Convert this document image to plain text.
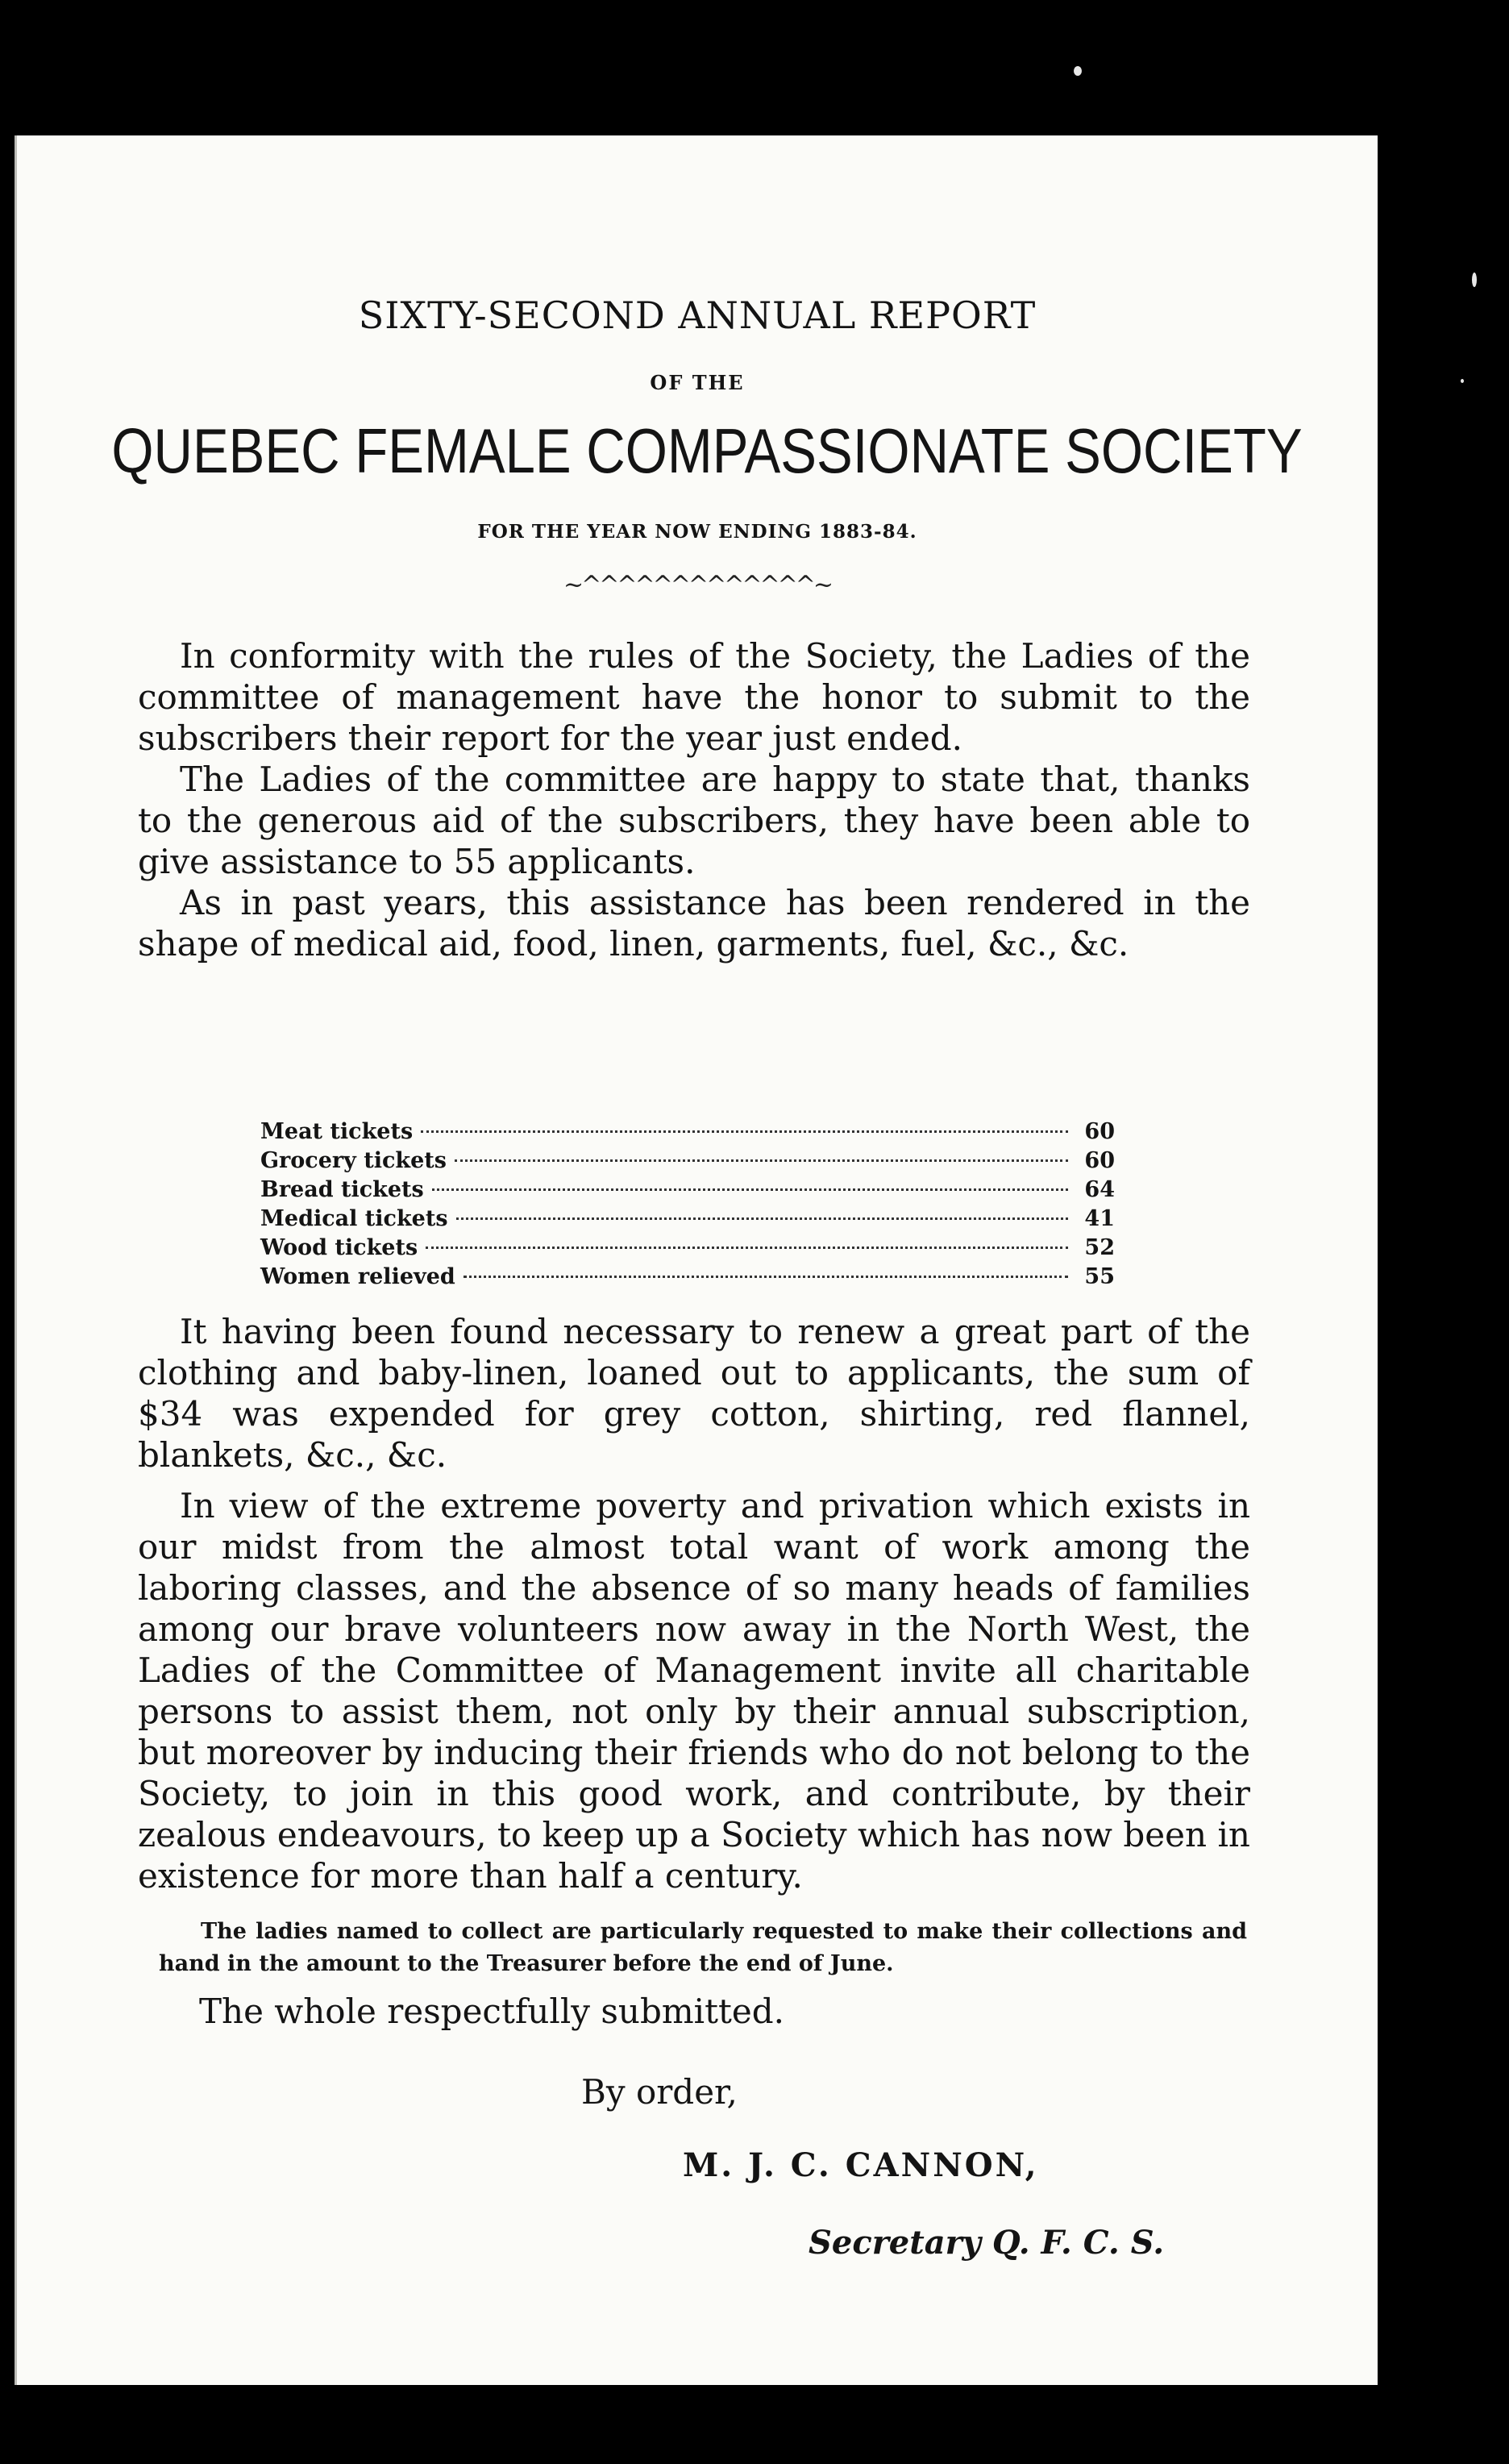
SIXTY-SECOND ANNUAL REPORT
OF THE
QUEBEC FEMALE COMPASSIONATE SOCIETY
FOR THE YEAR NOW ENDING 1883-84.
~^^^^^^^^^^^^^~

In conformity with the rules of the Society, the Ladies of the committee of management have the honor to submit to the subscribers their report for the year just ended.

The Ladies of the committee are happy to state that, thanks to the generous aid of the subscribers, they have been able to give assistance to 55 applicants.

As in past years, this assistance has been rendered in the shape of medical aid, food, linen, garments, fuel, &c., &c.

Meat tickets	60
Grocery tickets	60
Bread tickets	64
Medical tickets	41
Wood tickets	52
Women relieved	55

It having been found necessary to renew a great part of the clothing and baby-linen, loaned out to applicants, the sum of $34 was expended for grey cotton, shirting, red flannel, blankets, &c., &c.

In view of the extreme poverty and privation which exists in our midst from the almost total want of work among the laboring classes, and the absence of so many heads of families among our brave volunteers now away in the North West, the Ladies of the Committee of Management invite all charitable persons to assist them, not only by their annual subscription, but moreover by inducing their friends who do not belong to the Society, to join in this good work, and contribute, by their zealous endeavours, to keep up a Society which has now been in existence for more than half a century.

The ladies named to collect are particularly requested to make their collections and hand in the amount to the Treasurer before the end of June.

The whole respectfully submitted.
By order,
M. J. C. CANNON,
Secretary Q. F. C. S.
